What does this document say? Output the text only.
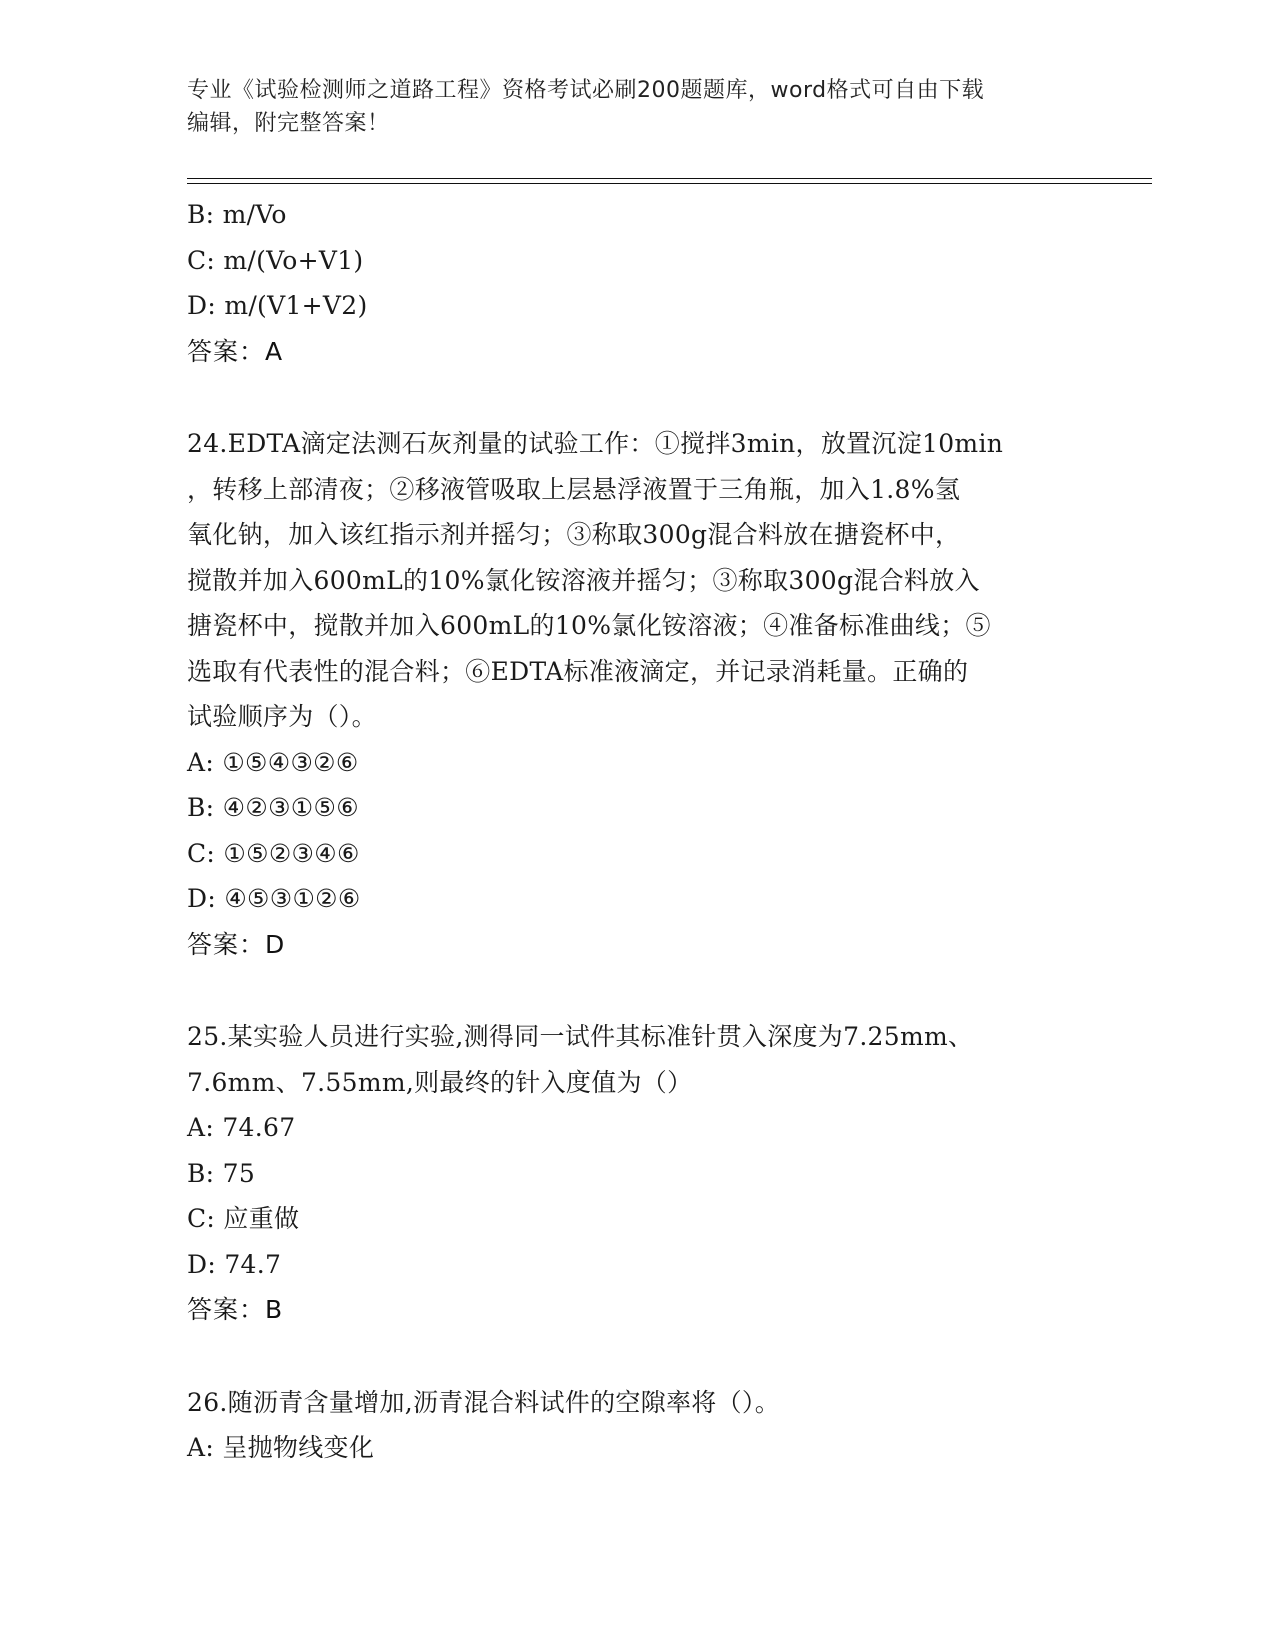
专业《试验检测师之道路工程》资格考试必刷200题题库，word格式可自由下载
编辑，附完整答案！
B: m/Vo
C: m/(Vo+V1)
D: m/(V1+V2)
答案：A
24.EDTA滴定法测石灰剂量的试验工作：①搅拌3min，放置沉淀10min
，转移上部清夜；②移液管吸取上层悬浮液置于三角瓶，加入1.8%氢
氧化钠，加入该红指示剂并摇匀；③称取300g混合料放在搪瓷杯中，
搅散并加入600mL的10%氯化铵溶液并摇匀；③称取300g混合料放入
搪瓷杯中，搅散并加入600mL的10%氯化铵溶液；④准备标准曲线；⑤
选取有代表性的混合料；⑥EDTA标准液滴定，并记录消耗量。正确的
试验顺序为（）。
A: ①⑤④③②⑥
B: ④②③①⑤⑥
C: ①⑤②③④⑥
D: ④⑤③①②⑥
答案：D
25.某实验人员进行实验,测得同一试件其标准针贯入深度为7.25mm、
7.6mm、7.55mm,则最终的针入度值为（）
A: 74.67
B: 75
C: 应重做
D: 74.7
答案：B
26.随沥青含量增加,沥青混合料试件的空隙率将（）。
A: 呈抛物线变化
